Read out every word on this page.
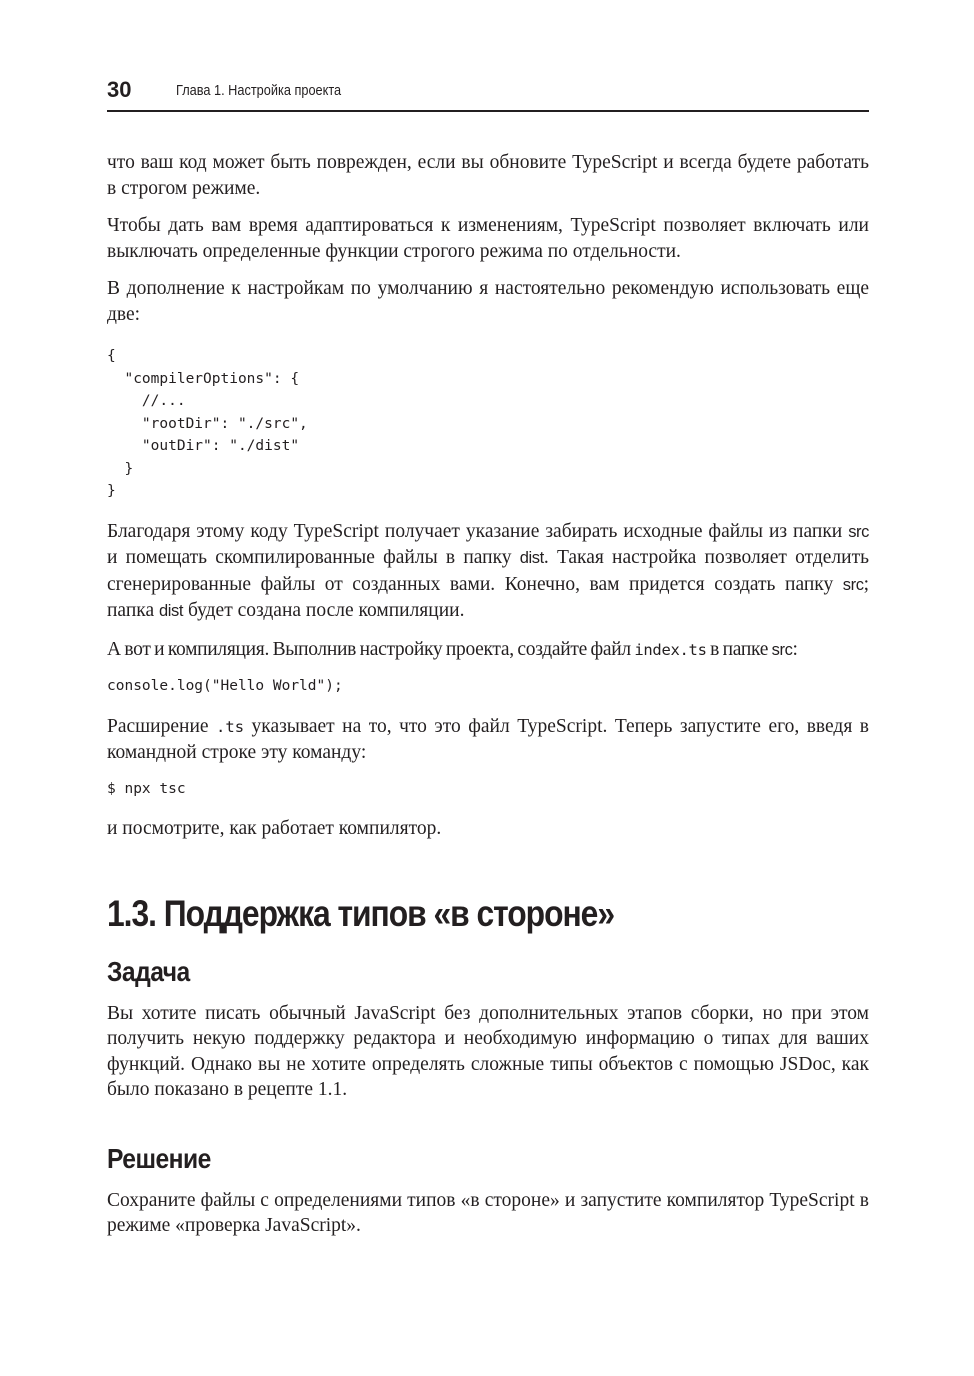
30	Глава 1. Настройка проекта

что ваш код может быть поврежден, если вы обновите TypeScript и всегда будете работать в строгом режиме.

Чтобы дать вам время адаптироваться к изменениям, TypeScript позволяет включать или выключать определенные функции строгого режима по отдельности.

В дополнение к настройкам по умолчанию я настоятельно рекомендую использовать еще две:

{
"compilerOptions": {
//...
"rootDir": "./src",
"outDir": "./dist"
}
}

Благодаря этому коду TypeScript получает указание забирать исходные файлы из папки src и помещать скомпилированные файлы в папку dist. Такая настройка позволяет отделить сгенерированные файлы от созданных вами. Конечно, вам придется создать папку src; папка dist будет создана после компиляции.

А вот и компиляция. Выполнив настройку проекта, создайте файл index.ts в папке src:

console.log("Hello World");

Расширение .ts указывает на то, что это файл TypeScript. Теперь запустите его, введя в командной строке эту команду:

$ npx tsc

и посмотрите, как работает компилятор.

1.3. Поддержка типов «в стороне»
Задача

Вы хотите писать обычный JavaScript без дополнительных этапов сборки, но при этом получить некую поддержку редактора и необходимую информацию о типах для ваших функций. Однако вы не хотите определять сложные типы объектов с помощью JSDoc, как было показано в рецепте 1.1.

Решение

Сохраните файлы с определениями типов «в стороне» и запустите компилятор TypeScript в режиме «проверка JavaScript».
